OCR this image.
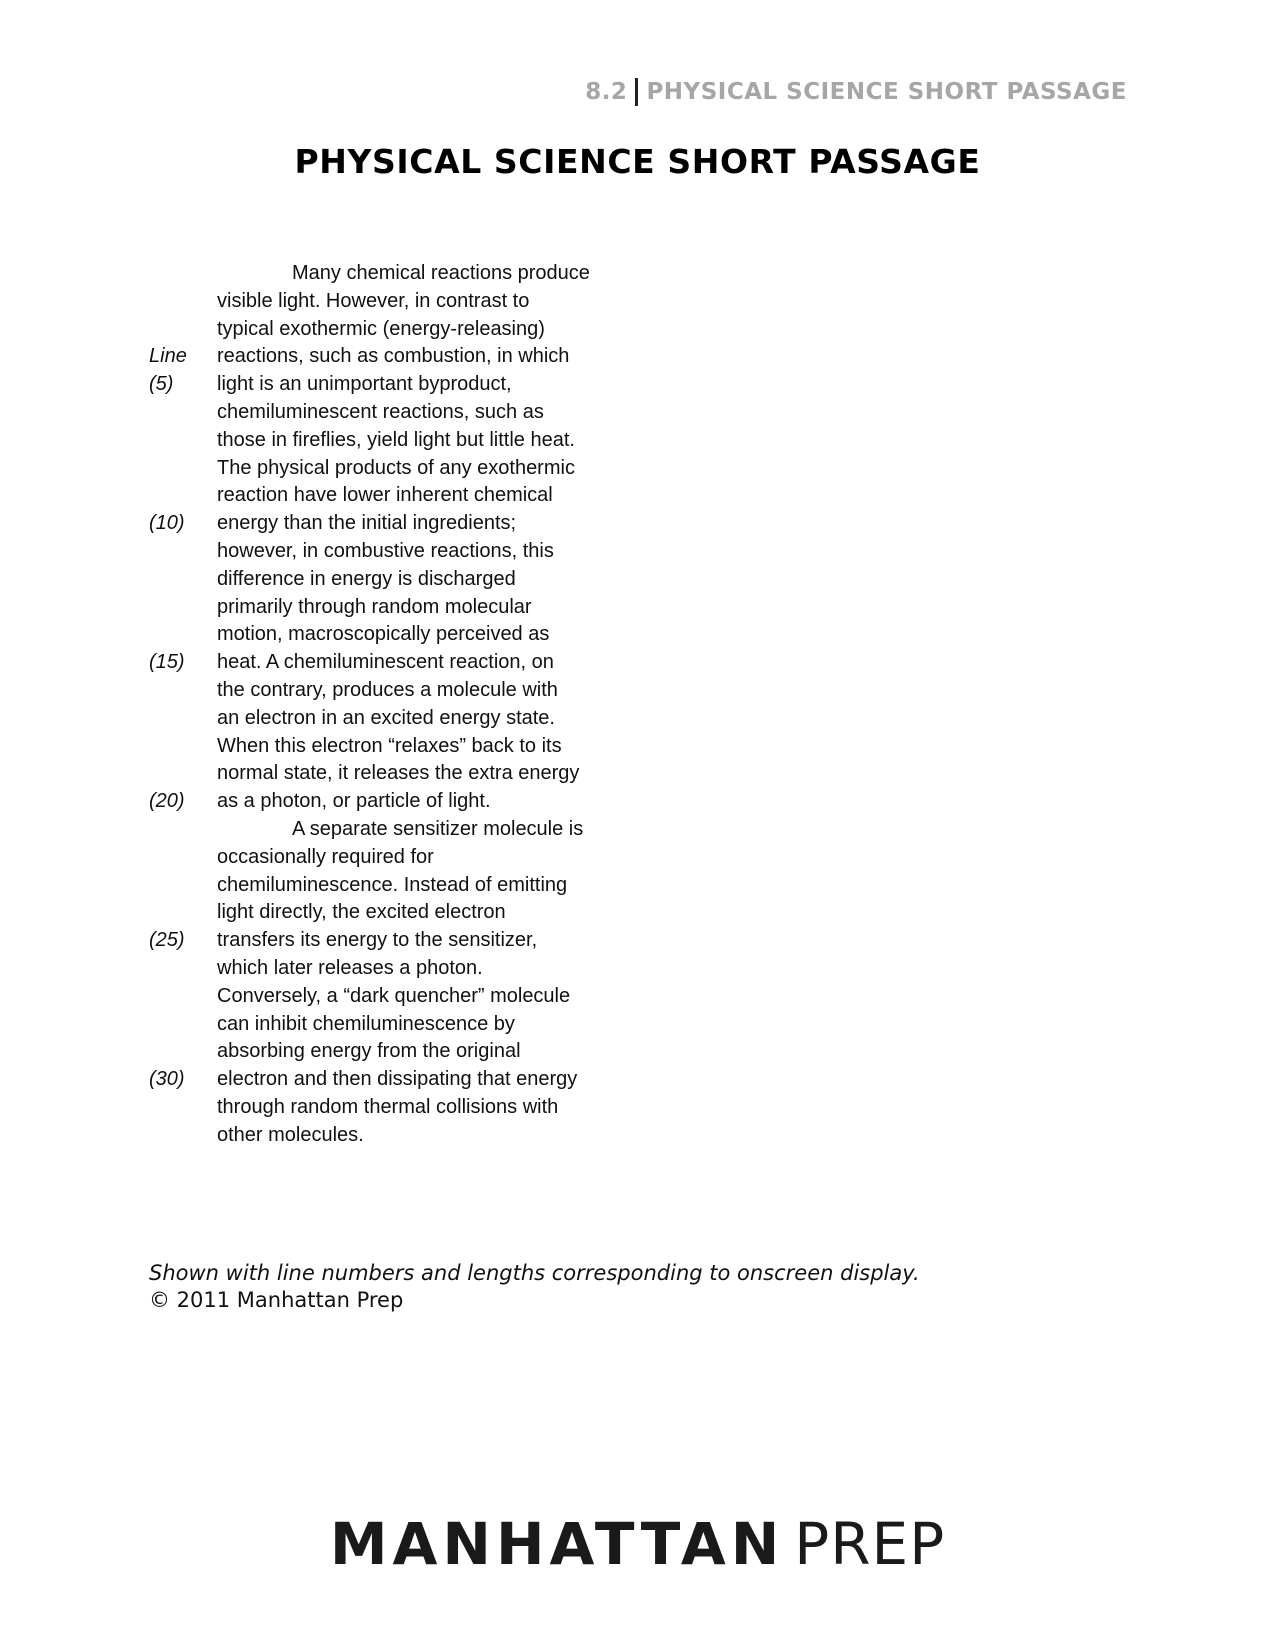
8.2 PHYSICAL SCIENCE SHORT PASSAGE
PHYSICAL SCIENCE SHORT PASSAGE
Many chemical reactions produce
visible light. However, in contrast to
typical exothermic (energy-releasing)
Line reactions, such as combustion, in which
(5) light is an unimportant byproduct,
chemiluminescent reactions, such as
those in fireflies, yield light but little heat.
The physical products of any exothermic
reaction have lower inherent chemical
(10) energy than the initial ingredients;
however, in combustive reactions, this
difference in energy is discharged
primarily through random molecular
motion, macroscopically perceived as
(15) heat. A chemiluminescent reaction, on
the contrary, produces a molecule with
an electron in an excited energy state.
When this electron “relaxes” back to its
normal state, it releases the extra energy
(20) as a photon, or particle of light.
A separate sensitizer molecule is
occasionally required for
chemiluminescence. Instead of emitting
light directly, the excited electron
(25) transfers its energy to the sensitizer,
which later releases a photon.
Conversely, a “dark quencher” molecule
can inhibit chemiluminescence by
absorbing energy from the original
(30) electron and then dissipating that energy
through random thermal collisions with
other molecules.
Shown with line numbers and lengths corresponding to onscreen display.
© 2011 Manhattan Prep
MANHATTAN PREP
